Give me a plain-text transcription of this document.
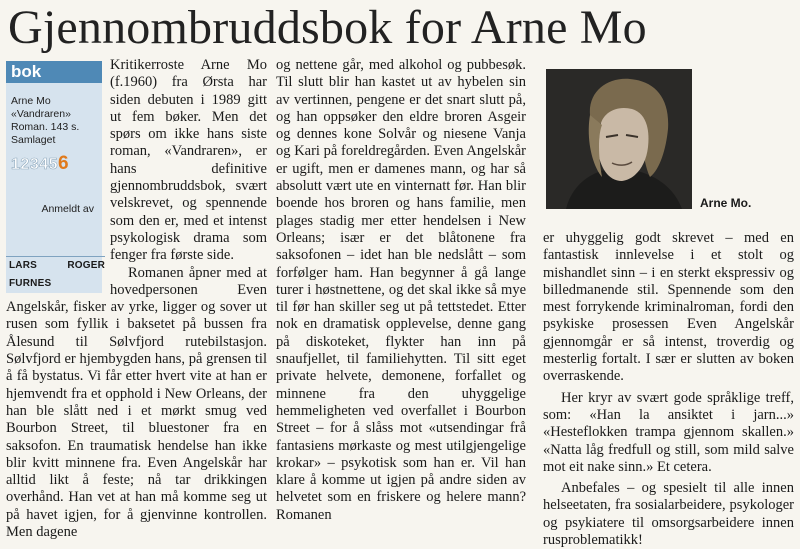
Gjennombruddsbok for Arne Mo
bok
Arne Mo
«Vandraren»
Roman. 143 s.
Samlaget
123456
Anmeldt av
LARS ROGER FURNES

Kritikerroste Arne Mo (f.1960) fra Ørsta har siden debuten i 1989 gitt ut fem bøker. Men det spørs om ikke hans siste roman, «Vandraren», er hans definitive gjennombruddsbok, svært velskrevet, og spennende som den er, med et intenst psykologisk drama som fenger fra første side.

Romanen åpner med at hovedpersonen Even Angelskår, fisker av yrke, ligger og sover ut rusen som fyllik i baksetet på bussen fra Ålesund til Sølvfjord rutebilstasjon. Sølvfjord er hjembygden hans, på grensen til å få bystatus. Vi får etter hvert vite at han er hjemvendt fra et opphold i New Orleans, der han ble slått ned i et mørkt smug ved Bourbon Street, til bluestoner fra en saksofon. En traumatisk hendelse han ikke blir kvitt minnene fra. Even Angelskår har alltid likt å feste; nå tar drikkingen overhånd. Han vet at han må komme seg ut på havet igjen, for å gjenvinne kontrollen. Men dagene

og nettene går, med alkohol og pubbesøk. Til slutt blir han kastet ut av hybelen sin av vertinnen, pengene er det snart slutt på, og han oppsøker den eldre broren Asgeir og dennes kone Solvår og niesene Vanja og Kari på foreldregården. Even Angelskår er ugift, men er damenes mann, og har så absolutt vært ute en vinternatt før. Han blir boende hos broren og hans familie, men plages stadig mer etter hendelsen i New Orleans; især er det blåtonene fra saksofonen – idet han ble nedslått – som forfølger ham. Han begynner å gå lange turer i høstnettene, og det skal ikke så mye til før han skiller seg ut på tettstedet. Etter nok en dramatisk opplevelse, denne gang på diskoteket, flykter han inn på snaufjellet, til familiehytten. Til sitt eget private helvete, demonene, forfallet og minnene fra den uhyggelige hemmeligheten ved overfallet i Bourbon Street – for å slåss mot «utsendingar frå fantasiens mørkaste og mest utilgjengelige krokar» – psykotisk som han er. Vil han klare å komme ut igjen på andre siden av helvetet som en friskere og helere mann? Romanen

Arne Mo.

er uhyggelig godt skrevet – med en fantastisk innlevelse i et stolt og mishandlet sinn – i en sterkt ekspressiv og billedmanende stil. Spennende som den mest forrykende kriminalroman, fordi den psykiske prosessen Even Angelskår gjennomgår er så intenst, troverdig og mesterlig fortalt. I sær er slutten av boken overraskende.

Her kryr av svært gode språklige treff, som: «Han la ansiktet i jarn...» «Hesteflokken trampa gjennom skallen.» «Natta låg fredfull og still, som mild salve mot eit nake sinn.» Et cetera.

Anbefales – og spesielt til alle innen helseetaten, fra sosialarbeidere, psykologer og psykiatere til omsorgsarbeidere innen rusproblematikk!
